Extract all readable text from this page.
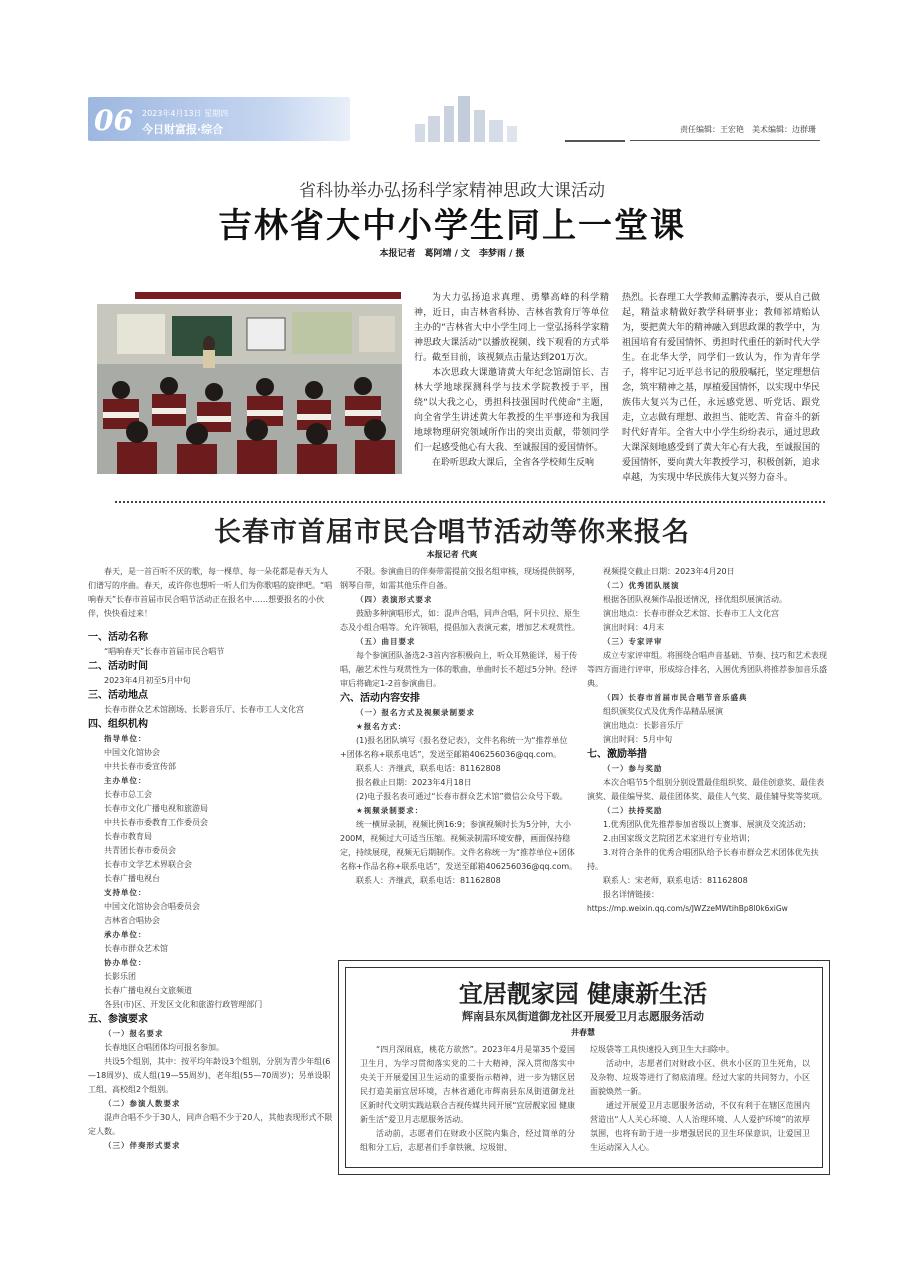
06 2023年4月13日 星期四
今日财富报·综合	责任编辑：王宏艳　美术编辑：边群珊
省科协举办弘扬科学家精神思政大课活动
吉林省大中小学生同上一堂课
本报记者　葛阿靖 / 文　李梦雨 / 摄

为大力弘扬追求真理、勇攀高峰的科学精神，近日，由吉林省科协、吉林省教育厅等单位主办的“吉林省大中小学生同上一堂弘扬科学家精神思政大课活动”以播放视频、线下观看的方式举行。截至目前，该视频点击量达到201万次。

本次思政大课邀请黄大年纪念馆副馆长、吉林大学地球探测科学与技术学院教授于平，围绕“以大我之心，勇担科技强国时代使命”主题，向全省学生讲述黄大年教授的生平事迹和为我国地球物理研究领域所作出的突出贡献，带领同学们一起感受他心有大我、至诚报国的爱国情怀。

在聆听思政大课后，全省各学校师生反响

热烈。长春理工大学教师孟鹏涛表示，要从自己做起，精益求精做好教学科研事业；教师祁靖贻认为，要把黄大年的精神融入到思政课的教学中，为祖国培育有爱国情怀、勇担时代重任的新时代大学生。在北华大学，同学们一致认为，作为青年学子，将牢记习近平总书记的殷殷嘱托，坚定理想信念，筑牢精神之基，厚植爱国情怀，以实现中华民族伟大复兴为己任，永远感党恩、听党话、跟党走，立志做有理想、敢担当、能吃苦、肯奋斗的新时代好青年。全省大中小学生纷纷表示，通过思政大课深刻地感受到了黄大年心有大我，至诚报国的爱国情怀，要向黄大年教授学习，积极创新，追求卓越，为实现中华民族伟大复兴努力奋斗。

长春市首届市民合唱节活动等你来报名
本报记者 代爽
春天，是一首百听不厌的歌，每一棵草、每一朵花都是春天为人们谱写的序曲。春天，或许你也想听一听人们为你歌唱的旋律吧。“唱响春天”长春市首届市民合唱节活动正在报名中……想要报名的小伙伴，快快看过来！
一、活动名称
“唱响春天”长春市首届市民合唱节
二、活动时间
2023年4月初至5月中旬
三、活动地点
长春市群众艺术馆剧场、长影音乐厅、长春市工人文化宫
四、组织机构
指导单位：
中国文化馆协会
中共长春市委宣传部
主办单位：
长春市总工会
长春市文化广播电视和旅游局
中共长春市委教育工作委员会
长春市教育局
共青团长春市委员会
长春市文学艺术界联合会
长春广播电视台
支持单位：
中国文化馆协会合唱委员会
吉林省合唱协会
承办单位：
长春市群众艺术馆
协办单位：
长影乐团
长春广播电视台文旅频道
各县(市)区、开发区文化和旅游行政管理部门
五、参演要求
（一）报名要求
长春地区合唱团体均可报名参加。
共设5个组别，其中：按平均年龄设3个组别，分别为青少年组(6—18周岁)、成人组(19—55周岁)、老年组(55—70周岁)；另单设职工组、高校组2个组别。
（二）参演人数要求
混声合唱不少于30人，同声合唱不少于20人，其他表现形式不限定人数。
（三）伴奏形式要求
不限。参演曲目的伴奏带需提前交报名组审核，现场提供钢琴，钢琴自带，如需其他乐件自备。
（四）表演形式要求
鼓励多种演唱形式，如：混声合唱，同声合唱，阿卡贝拉、原生态及小组合唱等。允许领唱，提倡加入表演元素，增加艺术观赏性。
（五）曲目要求
每个参演团队备选2-3首内容积极向上，听众耳熟能详，易于传唱，融艺术性与观赏性为一体的歌曲，单曲时长不超过5分钟。经评审后将确定1-2首参演曲目。
六、活动内容安排
（一）报名方式及视频录制要求
★报名方式：
(1)报名团队填写《报名登记表》，文件名称统一为“推荐单位+团体名称+联系电话”，发送至邮箱406256036@qq.com。
联系人：齐继武，联系电话：81162808
报名截止日期：2023年4月18日
(2)电子报名表可通过“长春市群众艺术馆”微信公众号下载。
★视频录制要求：
统一横屏录制，视频比例16:9；参演视频时长为5分钟，大小200M，视频过大可适当压缩。视频录制需环境安静，画面保持稳定，持续展现，视频无后期制作。文件名称统一为“推荐单位+团体名称+作品名称+联系电话”，发送至邮箱406256036@qq.com。
联系人：齐继武，联系电话：81162808
视频提交截止日期：2023年4月20日
（二）优秀团队展演
根据各团队视频作品报送情况，择优组织展演活动。
演出地点：长春市群众艺术馆、长春市工人文化宫
演出时间：4月末
（三）专家评审
成立专家评审组。将围绕合唱声音基础、节奏、技巧和艺术表现等四方面进行评审，形成综合排名，入围优秀团队将推荐参加音乐盛典。
（四）长春市首届市民合唱节音乐盛典
组织颁奖仪式及优秀作品精品展演
演出地点：长影音乐厅
演出时间：5月中旬
七、激励举措
（一）参与奖励
本次合唱节5个组别分别设置最佳组织奖、最佳创意奖、最佳表演奖、最佳编导奖、最佳团体奖、最佳人气奖、最佳辅导奖等奖项。
（二）扶持奖励
1.优秀团队优先推荐参加省级以上赛事、展演及交流活动；
2.由国家级文艺院团艺术家进行专业培训；
3.对符合条件的优秀合唱团队给予长春市群众艺术团体优先扶持。
联系人：宋老师，联系电话：81162808
报名详情链接：
https://mp.weixin.qq.com/s/JWZzeMWtihBp8l0k6xiGw
宜居靓家园 健康新生活
辉南县东凤街道御龙社区开展爱卫月志愿服务活动
井春慧

“四月深闹底，桃花方欲然”。2023年4月是第35个爱国卫生月，为学习贯彻落实党的二十大精神，深入贯彻落实中央关于开展爱国卫生运动的重要指示精神，进一步为辖区居民打造美丽宜居环境，吉林省通化市辉南县东凤街道御龙社区新时代文明实践站联合吉视传媒共同开展“宜居靓家园 健康新生活”爱卫月志愿服务活动。

活动前，志愿者们在财政小区院内集合，经过简单的分组和分工后，志愿者们手拿铁锹、垃圾钳、

垃圾袋等工具快速投入到卫生大扫除中。

活动中，志愿者们对财政小区、供水小区的卫生死角，以及杂物、垃圾等进行了彻底清理。经过大家的共同努力，小区面貌焕然一新。

通过开展爱卫月志愿服务活动，不仅有利于在辖区范围内营造出“人人关心环境、人人治理环境、人人爱护环境”的浓厚氛围，也将有助于进一步增强居民的卫生环保意识，让爱国卫生运动深入人心。
